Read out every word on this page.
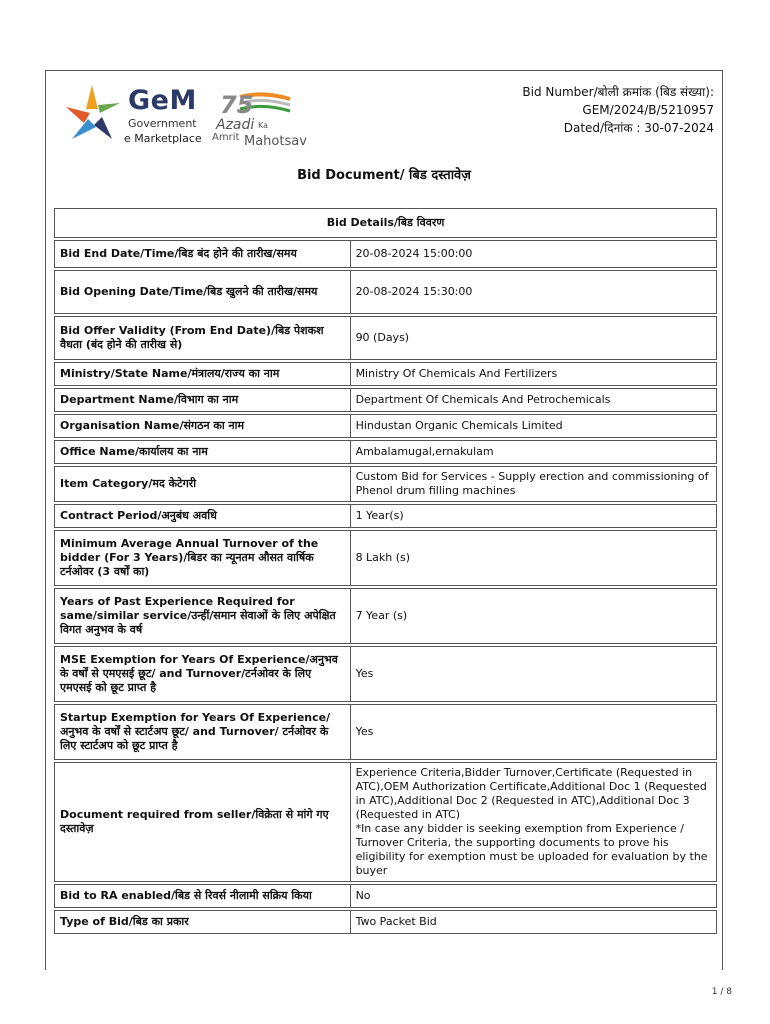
GeM
Government
e Marketplace
75
Azadi Ka
Amrit Mahotsav
Bid Number/बोली क्रमांक (बिड संख्या):
GEM/2024/B/5210957
Dated/दिनांक : 30-07-2024
Bid Document/ बिड दस्तावेज़
Bid Details/बिड विवरण	
Bid End Date/Time/बिड बंद होने की तारीख/समय	20-08-2024 15:00:00
Bid Opening Date/Time/बिड खुलने की तारीख/समय	20-08-2024 15:30:00
Bid Offer Validity (From End Date)/बिड पेशकश वैधता (बंद होने की तारीख से)	90 (Days)
Ministry/State Name/मंत्रालय/राज्य का नाम	Ministry Of Chemicals And Fertilizers
Department Name/विभाग का नाम	Department Of Chemicals And Petrochemicals
Organisation Name/संगठन का नाम	Hindustan Organic Chemicals Limited
Office Name/कार्यालय का नाम	Ambalamugal,ernakulam
Item Category/मद केटेगरी	Custom Bid for Services - Supply erection and commissioning of Phenol drum filling machines
Contract Period/अनुबंध अवधि	1 Year(s)
Minimum Average Annual Turnover of the bidder (For 3 Years)/बिडर का न्यूनतम औसत वार्षिक टर्नओवर (3 वर्षों का)	8 Lakh (s)
Years of Past Experience Required for same/similar service/उन्हीं/समान सेवाओं के लिए अपेक्षित विगत अनुभव के वर्ष	7 Year (s)
MSE Exemption for Years Of Experience/अनुभव के वर्षों से एमएसई छूट/ and Turnover/टर्नओवर के लिए एमएसई को छूट प्राप्त है	Yes
Startup Exemption for Years Of Experience/अनुभव के वर्षों से स्टार्टअप छूट/ and Turnover/ टर्नओवर के लिए स्टार्टअप को छूट प्राप्त है	Yes
Document required from seller/विक्रेता से मांगे गए दस्तावेज़	Experience Criteria,Bidder Turnover,Certificate (Requested in ATC),OEM Authorization Certificate,Additional Doc 1 (Requested in ATC),Additional Doc 2 (Requested in ATC),Additional Doc 3 (Requested in ATC)
*In case any bidder is seeking exemption from Experience / Turnover Criteria, the supporting documents to prove his eligibility for exemption must be uploaded for evaluation by the buyer
Bid to RA enabled/बिड से रिवर्स नीलामी सक्रिय किया	No
Type of Bid/बिड का प्रकार	Two Packet Bid
1 / 8
